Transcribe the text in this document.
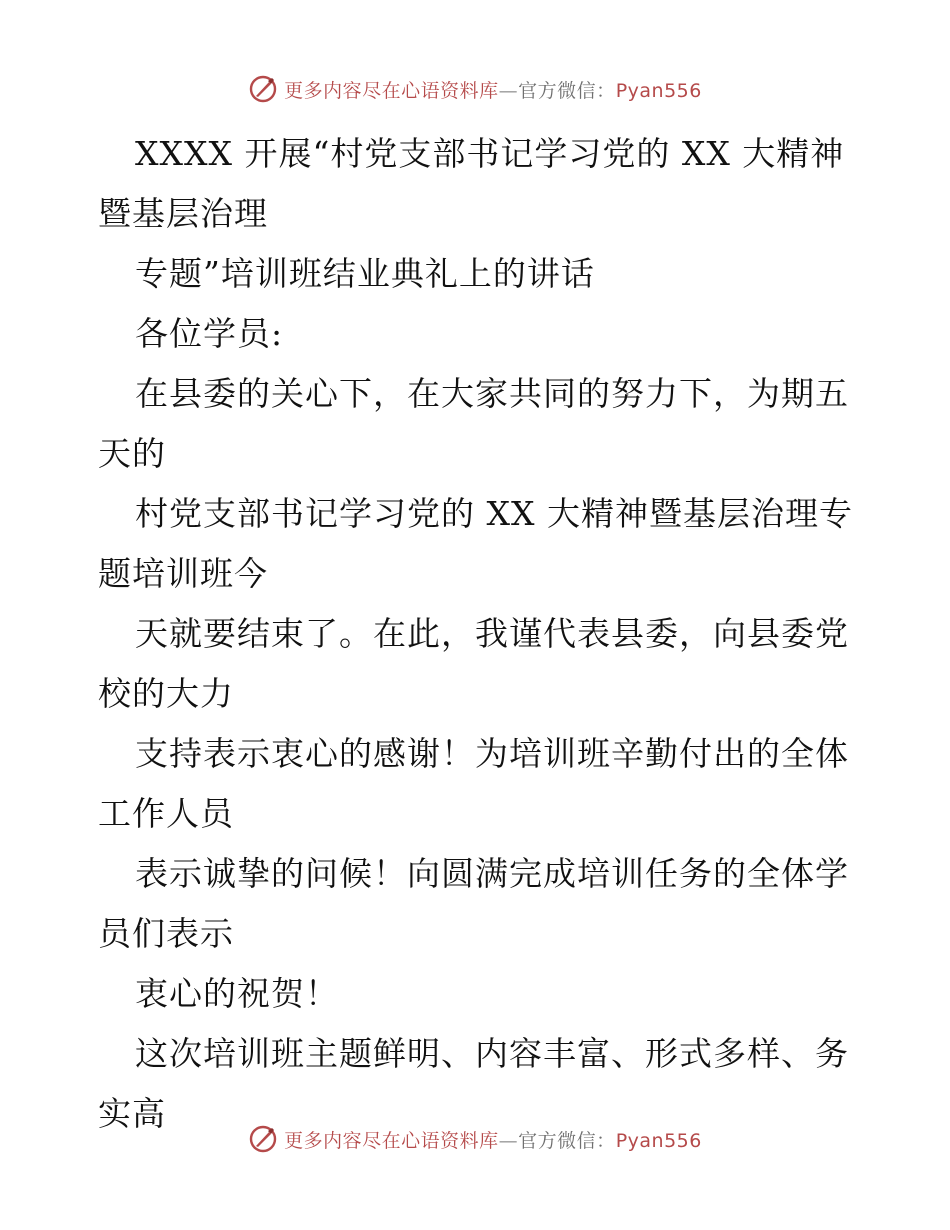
更多内容尽在心语资料库—官方微信：Pyan556
XXXX 开展“村党支部书记学习党的 XX 大精神
暨基层治理
专题”培训班结业典礼上的讲话
各位学员:
在县委的关心下，在大家共同的努力下，为期五
天的
村党支部书记学习党的 XX 大精神暨基层治理专
题培训班今
天就要结束了。在此，我谨代表县委，向县委党
校的大力
支持表示衷心的感谢！为培训班辛勤付出的全体
工作人员
表示诚挚的问候！向圆满完成培训任务的全体学
员们表示
衷心的祝贺！
这次培训班主题鲜明、内容丰富、形式多样、务
实高
更多内容尽在心语资料库—官方微信：Pyan556
